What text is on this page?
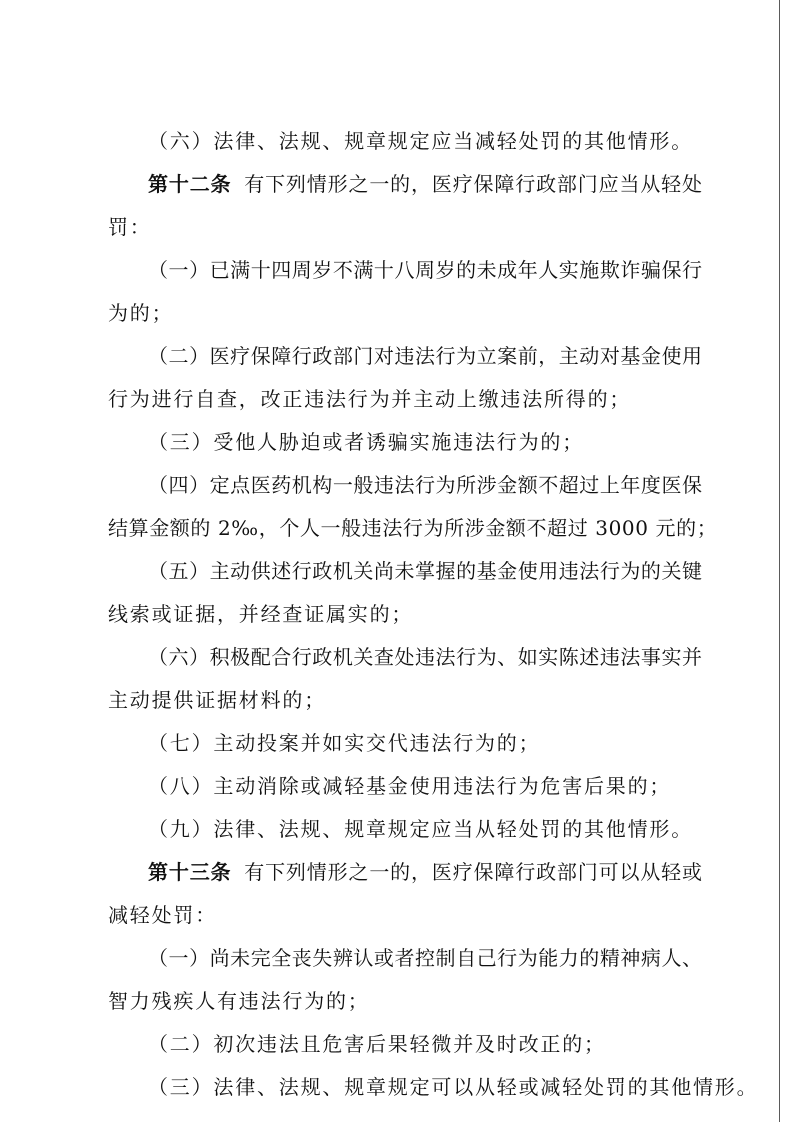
（六）法律、法规、规章规定应当减轻处罚的其他情形。
第十二条 有下列情形之一的，医疗保障行政部门应当从轻处
罚：
（一）已满十四周岁不满十八周岁的未成年人实施欺诈骗保行
为的；
（二）医疗保障行政部门对违法行为立案前，主动对基金使用
行为进行自查，改正违法行为并主动上缴违法所得的；
（三）受他人胁迫或者诱骗实施违法行为的；
（四）定点医药机构一般违法行为所涉金额不超过上年度医保
结算金额的 2‰，个人一般违法行为所涉金额不超过 3000 元的；
（五）主动供述行政机关尚未掌握的基金使用违法行为的关键
线索或证据，并经查证属实的；
（六）积极配合行政机关查处违法行为、如实陈述违法事实并
主动提供证据材料的；
（七）主动投案并如实交代违法行为的；
（八）主动消除或减轻基金使用违法行为危害后果的；
（九）法律、法规、规章规定应当从轻处罚的其他情形。
第十三条 有下列情形之一的，医疗保障行政部门可以从轻或
减轻处罚：
（一）尚未完全丧失辨认或者控制自己行为能力的精神病人、
智力残疾人有违法行为的；
（二）初次违法且危害后果轻微并及时改正的；
（三）法律、法规、规章规定可以从轻或减轻处罚的其他情形。
